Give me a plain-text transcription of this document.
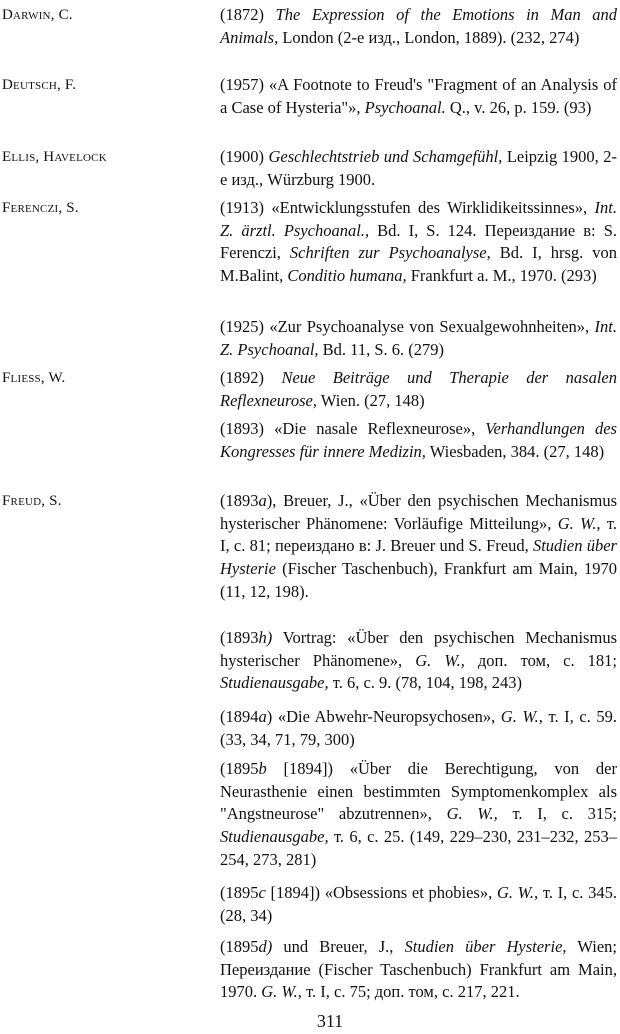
Darwin, C.	(1872) The Expression of the Emotions in Man and Animals, London (2-е изд., London, 1889). (232, 274)
Deutsch, F.	(1957) «A Footnote to Freud's "Fragment of an Analysis of a Case of Hysteria"», Psychoanal. Q., v. 26, p. 159. (93)
Ellis, Havelock	(1900) Geschlechtstrieb und Schamgefühl, Leipzig 1900, 2-е изд., Würzburg 1900.
Ferenczi, S.	(1913) «Entwicklungsstufen des Wirklidikeitssinnes», Int. Z. ärztl. Psychoanal., Bd. I, S. 124. Переиздание в: S. Ferenczi, Schriften zur Psychoanalyse, Bd. I, hrsg. von M.Balint, Conditio humana, Frankfurt a. M., 1970. (293)
(1925) «Zur Psychoanalyse von Sexualgewohnheiten», Int. Z. Psychoanal, Bd. 11, S. 6. (279)
Fliess, W.	(1892) Neue Beiträge und Therapie der nasalen Reflexneurose, Wien. (27, 148)
(1893) «Die nasale Reflexneurose», Verhandlungen des Kongresses für innere Medizin, Wiesbaden, 384. (27, 148)
Freud, S.	(1893a), Breuer, J., «Über den psychischen Mechanismus hysterischer Phänomene: Vorläufige Mitteilung», G. W., т. I, с. 81; переиздано в: J. Breuer und S. Freud, Studien über Hysterie (Fischer Taschenbuch), Frankfurt am Main, 1970 (11, 12, 198).
(1893h) Vortrag: «Über den psychischen Mechanismus hysterischer Phänomene», G. W., доп. том, с. 181; Studienausgabe, т. 6, с. 9. (78, 104, 198, 243)
(1894a) «Die Abwehr-Neuropsychosen», G. W., т. I, с. 59. (33, 34, 71, 79, 300)
(1895b [1894]) «Über die Berechtigung, von der Neurasthenie einen bestimmten Symptomenkomplex als "Angstneurose" abzutrennen», G. W., т. I, с. 315; Studienausgabe, т. 6, с. 25. (149, 229–230, 231–232, 253–254, 273, 281)
(1895c [1894]) «Obsessions et phobies», G. W., т. I, с. 345. (28, 34)
(1895d) und Breuer, J., Studien über Hysterie, Wien; Переиздание (Fischer Taschenbuch) Frankfurt am Main, 1970. G. W., т. I, с. 75; доп. том, с. 217, 221.
311
